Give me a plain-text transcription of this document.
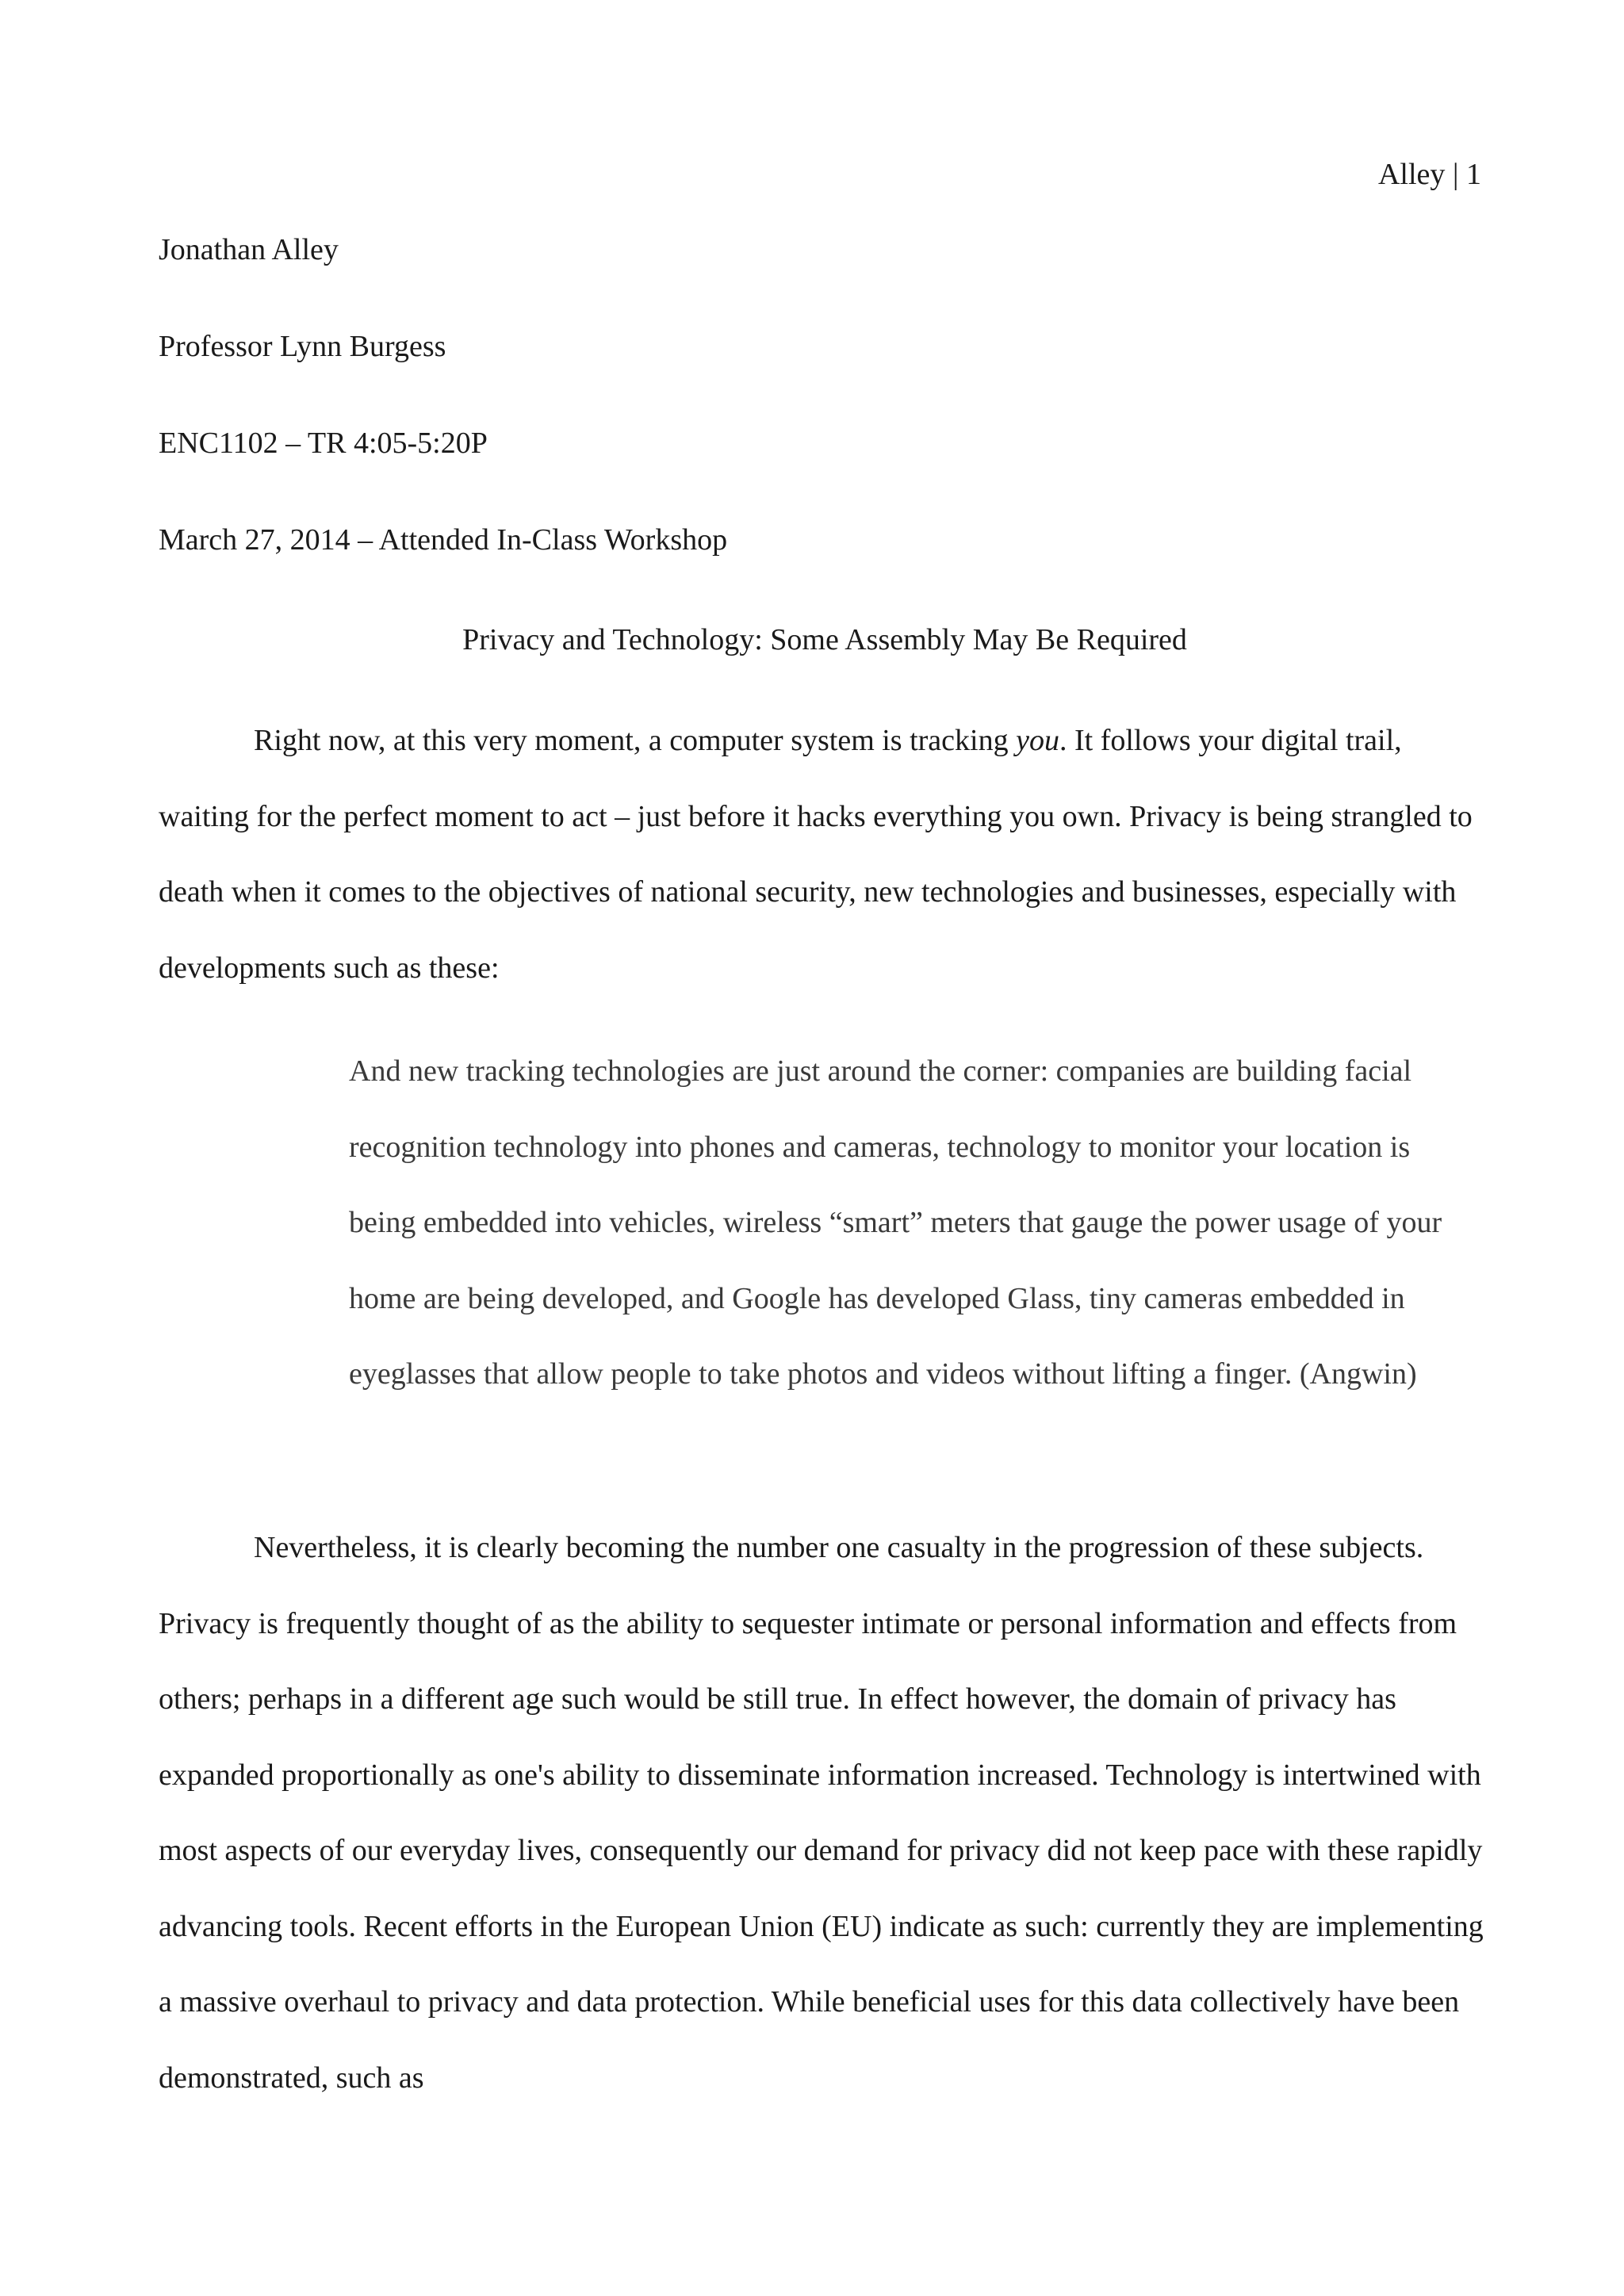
Alley | 1
Jonathan Alley
Professor Lynn Burgess
ENC1102 – TR 4:05-5:20P
March 27, 2014 – Attended In-Class Workshop
Privacy and Technology: Some Assembly May Be Required
Right now, at this very moment, a computer system is tracking you. It follows your digital trail, waiting for the perfect moment to act – just before it hacks everything you own. Privacy is being strangled to death when it comes to the objectives of national security, new technologies and businesses, especially with developments such as these:
And new tracking technologies are just around the corner: companies are building facial recognition technology into phones and cameras, technology to monitor your location is being embedded into vehicles, wireless “smart” meters that gauge the power usage of your home are being developed, and Google has developed Glass, tiny cameras embedded in eyeglasses that allow people to take photos and videos without lifting a finger. (Angwin)
Nevertheless, it is clearly becoming the number one casualty in the progression of these subjects. Privacy is frequently thought of as the ability to sequester intimate or personal information and effects from others; perhaps in a different age such would be still true. In effect however, the domain of privacy has expanded proportionally as one's ability to disseminate information increased. Technology is intertwined with most aspects of our everyday lives, consequently our demand for privacy did not keep pace with these rapidly advancing tools. Recent efforts in the European Union (EU) indicate as such: currently they are implementing a massive overhaul to privacy and data protection. While beneficial uses for this data collectively have been demonstrated, such as
